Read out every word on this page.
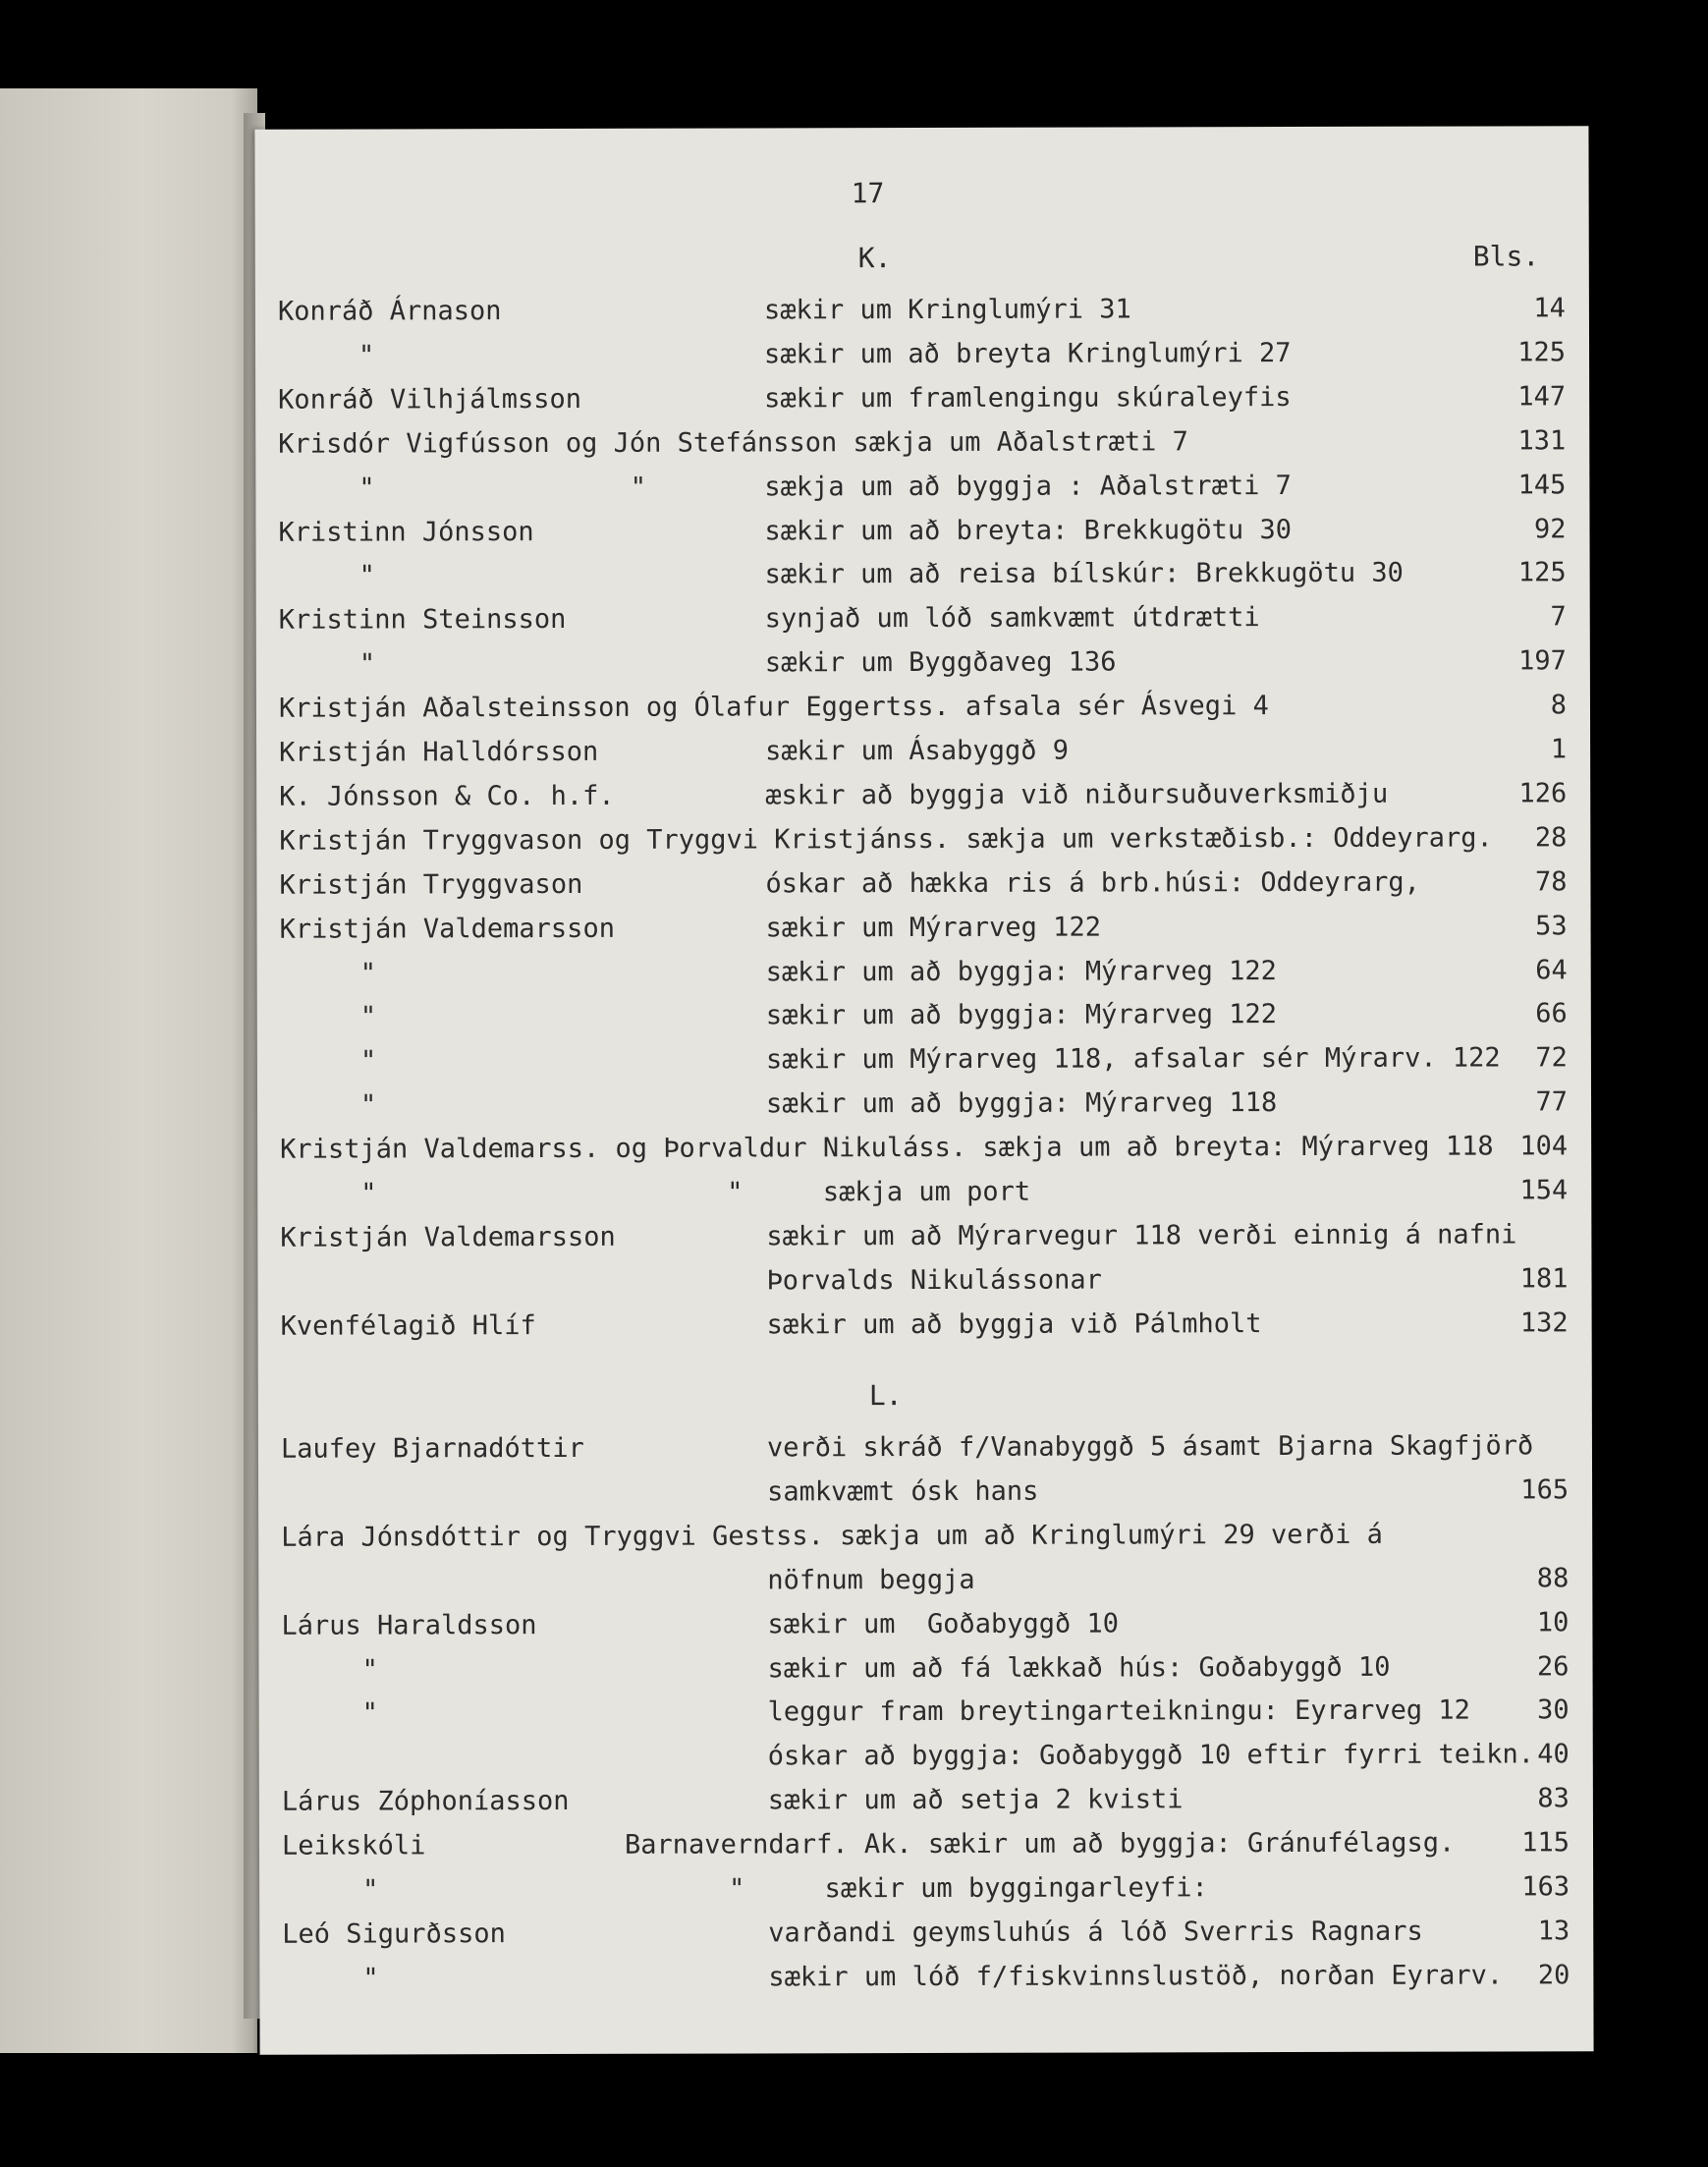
17
Bls.
K.
Konráð Árnason	sækir um Kringlumýri 31	14
"	sækir um að breyta Kringlumýri 27	125
Konráð Vilhjálmsson	sækir um framlengingu skúraleyfis	147
Krisdór Vigfússon og Jón Stefánsson sækja um Aðalstræti 7	131
"                "	sækja um að byggja : Aðalstræti 7	145
Kristinn Jónsson	sækir um að breyta: Brekkugötu 30	92
"	sækir um að reisa bílskúr: Brekkugötu 30	125
Kristinn Steinsson	synjað um lóð samkvæmt útdrætti	7
"	sækir um Byggðaveg 136	197
Kristján Aðalsteinsson og Ólafur Eggertss. afsala sér Ásvegi 4	8
Kristján Halldórsson	sækir um Ásabyggð 9	1
K. Jónsson & Co. h.f.	æskir að byggja við niðursuðuverksmiðju	126
Kristján Tryggvason og Tryggvi Kristjánss. sækja um verkstæðisb.: Oddeyrarg. 28
Kristján Tryggvason	óskar að hækka ris á brb.húsi: Oddeyrarg,	78
Kristján Valdemarsson	sækir um Mýrarveg 122	53
"	sækir um að byggja: Mýrarveg 122	64
"	sækir um að byggja: Mýrarveg 122	66
"	sækir um Mýrarveg 118, afsalar sér Mýrarv. 122 72
"	sækir um að byggja: Mýrarveg 118	77
Kristján Valdemarss. og Þorvaldur Nikuláss. sækja um að breyta: Mýrarveg 118 104
"	"     sækja um port	154
Kristján Valdemarsson	sækir um að Mýrarvegur 118 verði einnig á nafni
Þorvalds Nikulássonar	181
Kvenfélagið Hlíf	sækir um að byggja við Pálmholt	132
L.
Laufey Bjarnadóttir	verði skráð f/Vanabyggð 5 ásamt Bjarna Skagfjörð
samkvæmt ósk hans	165
Lára Jónsdóttir og Tryggvi Gestss. sækja um að Kringlumýri 29 verði á
nöfnum beggja	88
Lárus Haraldsson	sækir um  Goðabyggð 10	10
"	sækir um að fá lækkað hús: Goðabyggð 10	26
"	leggur fram breytingarteikningu: Eyrarveg 12	30
óskar að byggja: Goðabyggð 10 eftir fyrri teikn. 40
Lárus Zóphoníasson	sækir um að setja 2 kvisti	83
Leikskóli	Barnaverndarf. Ak. sækir um að byggja: Gránufélagsg.	115
"	"     sækir um byggingarleyfi:	163
Leó Sigurðsson	varðandi geymsluhús á lóð Sverris Ragnars	13
"	sækir um lóð f/fiskvinnslustöð, norðan Eyrarv. 20
